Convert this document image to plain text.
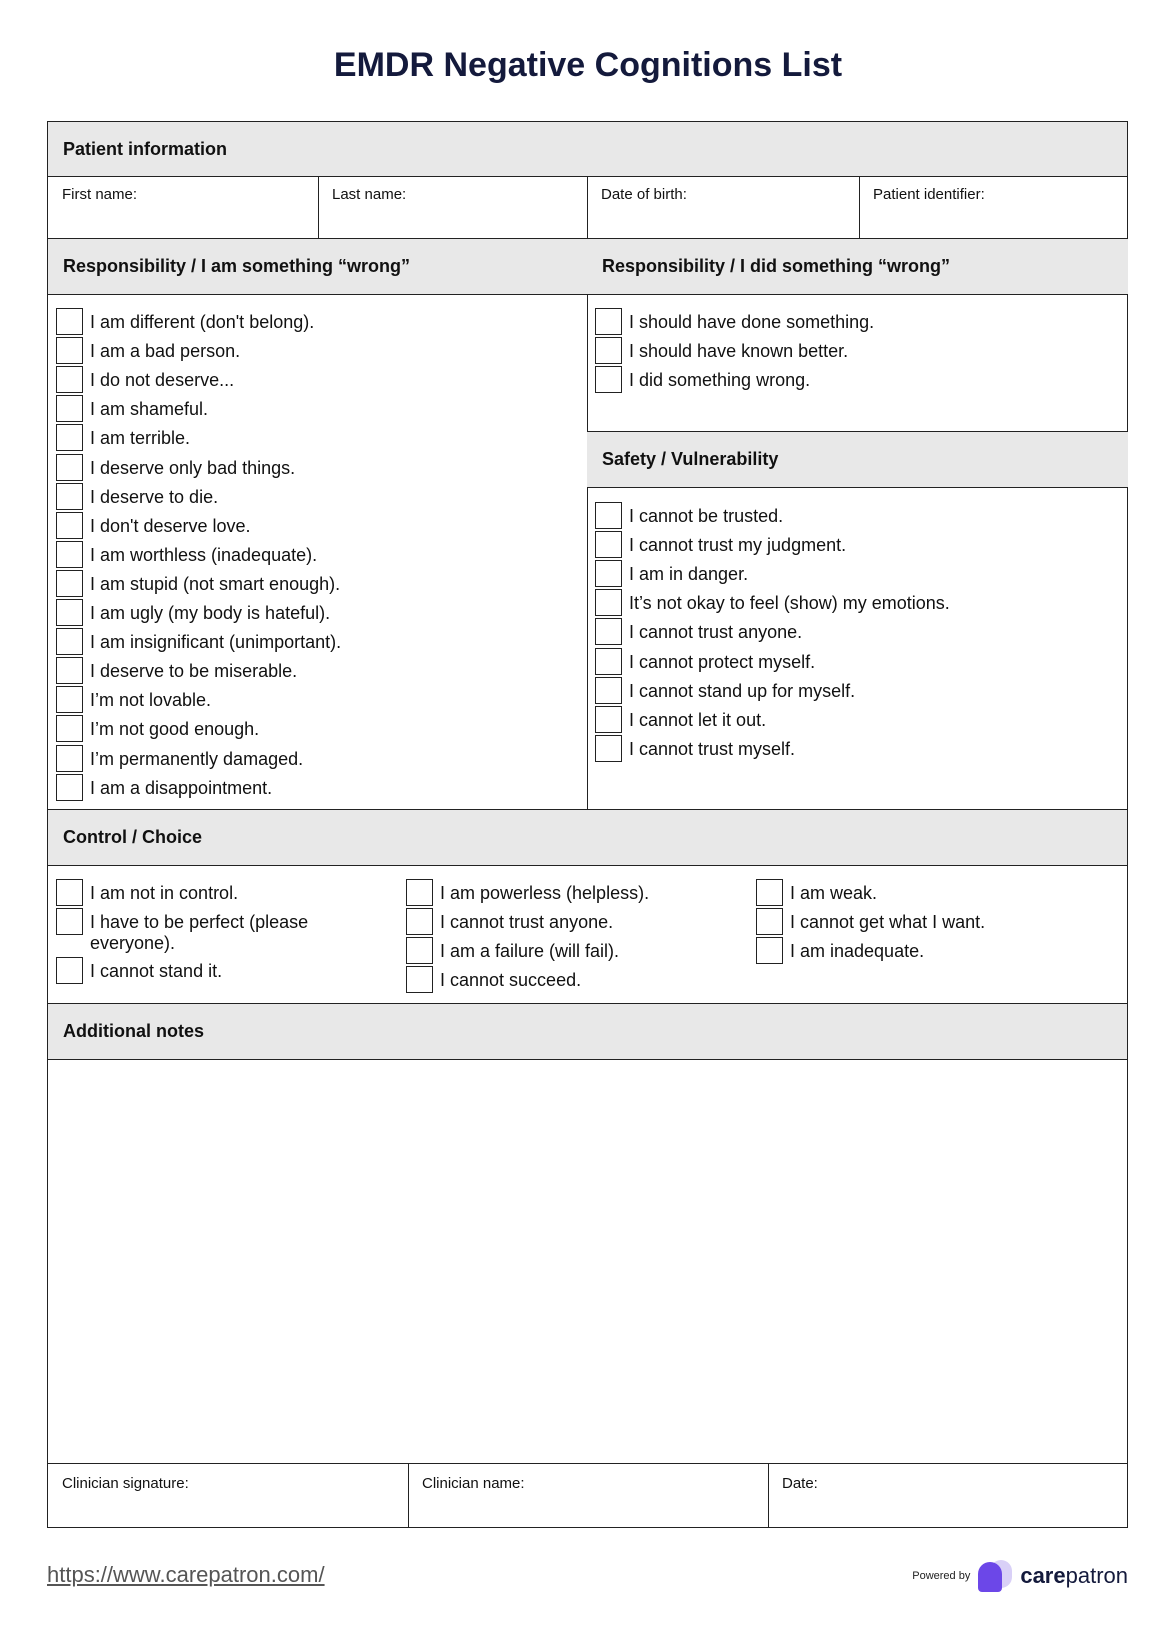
EMDR Negative Cognitions List
Patient information
First name:	Last name:	Date of birth:	Patient identifier:
Responsibility / I am something “wrong”	Responsibility / I did something “wrong”
Safety / Vulnerability
Control / Choice
Additional notes
Clinician signature:	Clinician name:	Date:
I am different (don't belong).
I am a bad person.
I do not deserve...
I am shameful.
I am terrible.
I deserve only bad things.
I deserve to die.
I don't deserve love.
I am worthless (inadequate).
I am stupid (not smart enough).
I am ugly (my body is hateful).
I am insignificant (unimportant).
I deserve to be miserable.
I’m not lovable.
I’m not good enough.
I’m permanently damaged.
I am a disappointment.
I should have done something.
I should have known better.
I did something wrong.
I cannot be trusted.
I cannot trust my judgment.
I am in danger.
It’s not okay to feel (show) my emotions.
I cannot trust anyone.
I cannot protect myself.
I cannot stand up for myself.
I cannot let it out.
I cannot trust myself.
I am not in control.
I have to be perfect (please everyone).
I cannot stand it.
I am powerless (helpless).
I cannot trust anyone.
I am a failure (will fail).
I cannot succeed.
I am weak.
I cannot get what I want.
I am inadequate.
https://www.carepatron.com/	Powered by carepatron
